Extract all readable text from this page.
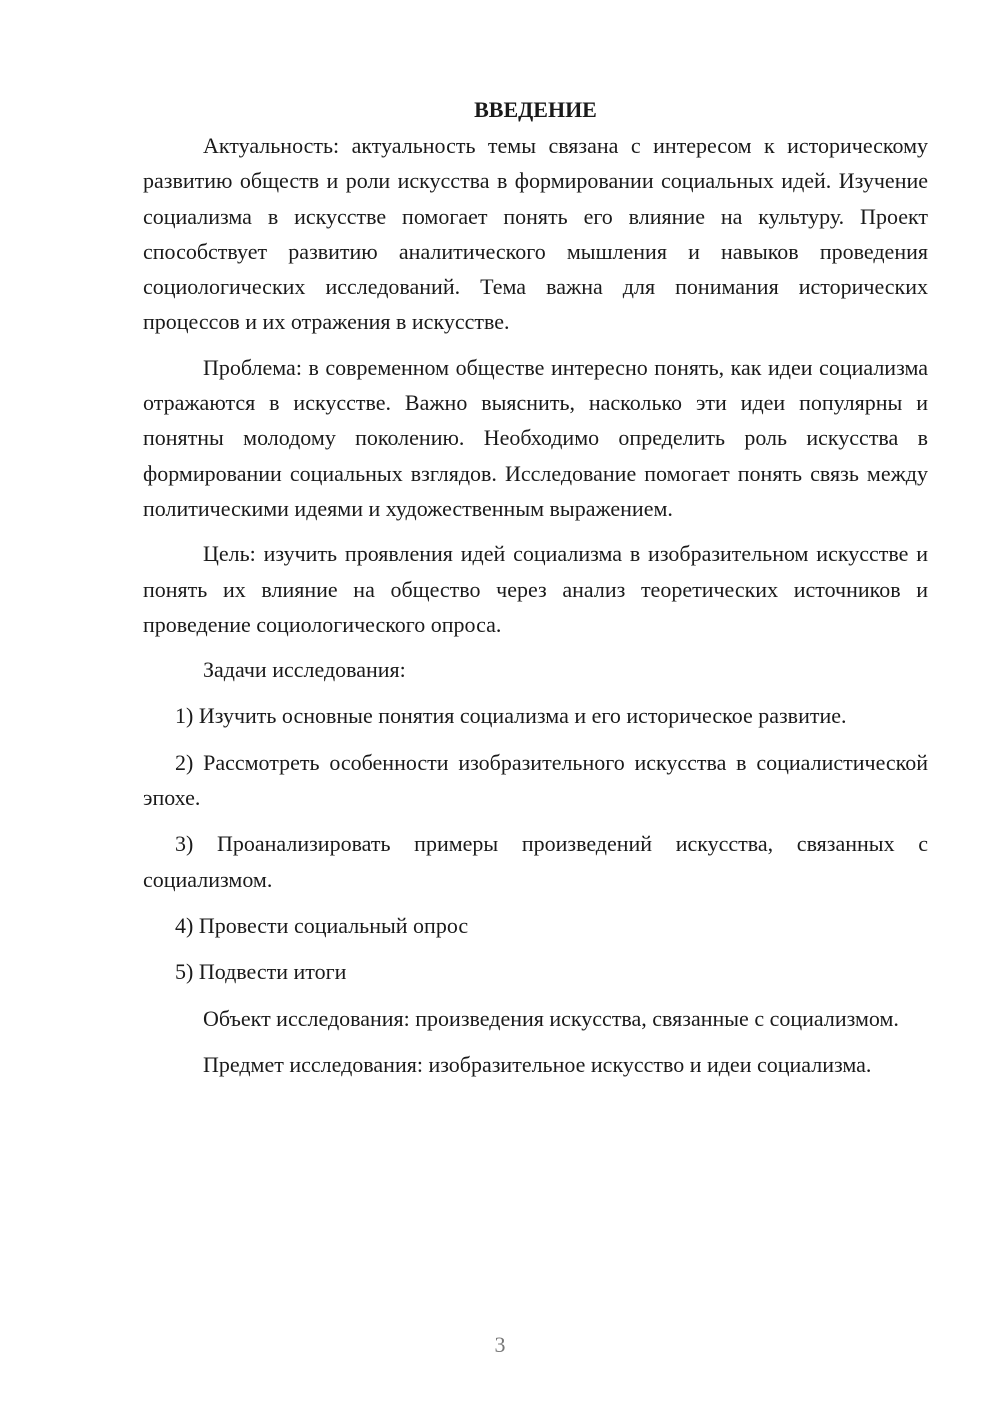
ВВЕДЕНИЕ

Актуальность: актуальность темы связана с интересом к историческому развитию обществ и роли искусства в формировании социальных идей. Изучение социализма в искусстве помогает понять его влияние на культуру. Проект способствует развитию аналитического мышления и навыков проведения социологических исследований. Тема важна для понимания исторических процессов и их отражения в искусстве.

Проблема: в современном обществе интересно понять, как идеи социализма отражаются в искусстве. Важно выяснить, насколько эти идеи популярны и понятны молодому поколению. Необходимо определить роль искусства в формировании социальных взглядов. Исследование помогает понять связь между политическими идеями и художественным выражением.

Цель: изучить проявления идей социализма в изобразительном искусстве и понять их влияние на общество через анализ теоретических источников и проведение социологического опроса.

Задачи исследования:

1) Изучить основные понятия социализма и его историческое развитие.

2) Рассмотреть особенности изобразительного искусства в социалистической эпохе.

3) Проанализировать примеры произведений искусства, связанных с социализмом.

4) Провести социальный опрос

5) Подвести итоги

Объект исследования: произведения искусства, связанные с социализмом.

Предмет исследования: изобразительное искусство и идеи социализма.

3
